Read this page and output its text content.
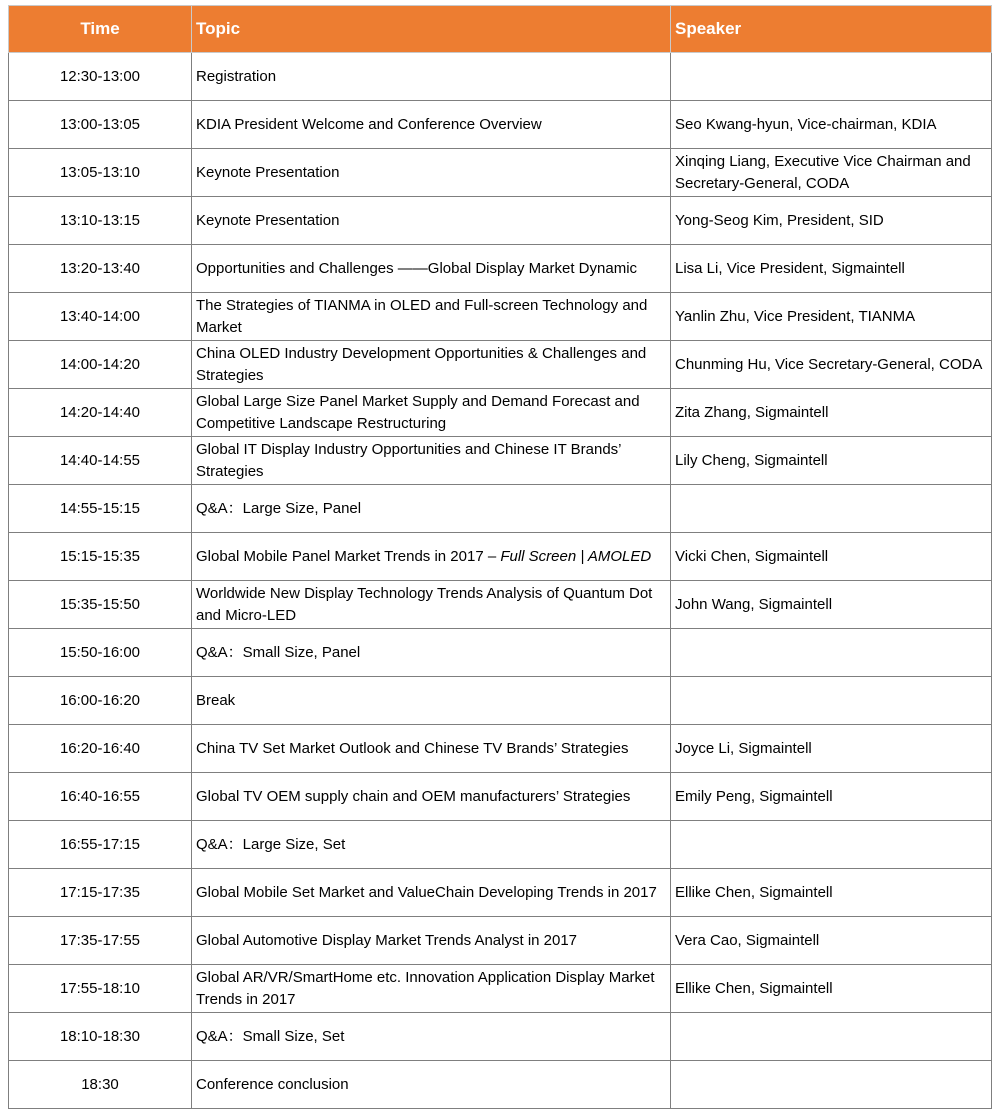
Time	Topic	Speaker
12:30-13:00	Registration	
13:00-13:05	KDIA President Welcome and Conference Overview	Seo Kwang-hyun, Vice-chairman, KDIA
13:05-13:10	Keynote Presentation	Xinqing Liang, Executive Vice Chairman and Secretary-General, CODA
13:10-13:15	Keynote Presentation	Yong-Seog Kim, President, SID
13:20-13:40	Opportunities and Challenges ——Global Display Market Dynamic	Lisa Li, Vice President, Sigmaintell
13:40-14:00	The Strategies of TIANMA in OLED and Full-screen Technology and Market	Yanlin Zhu, Vice President, TIANMA
14:00-14:20	China OLED Industry Development Opportunities & Challenges and Strategies	Chunming Hu, Vice Secretary-General, CODA
14:20-14:40	Global Large Size Panel Market Supply and Demand Forecast and Competitive Landscape Restructuring	Zita Zhang, Sigmaintell
14:40-14:55	Global IT Display Industry Opportunities and Chinese IT Brands’ Strategies	Lily Cheng, Sigmaintell
14:55-15:15	Q&A：Large Size, Panel	
15:15-15:35	Global Mobile Panel Market Trends in 2017 – Full Screen | AMOLED	Vicki Chen, Sigmaintell
15:35-15:50	Worldwide New Display Technology Trends Analysis of Quantum Dot and Micro-LED	John Wang, Sigmaintell
15:50-16:00	Q&A：Small Size, Panel	
16:00-16:20	Break	
16:20-16:40	China TV Set Market Outlook and Chinese TV Brands’ Strategies	Joyce Li, Sigmaintell
16:40-16:55	Global TV OEM supply chain and OEM manufacturers’ Strategies	Emily Peng, Sigmaintell
16:55-17:15	Q&A：Large Size, Set	
17:15-17:35	Global Mobile Set Market and ValueChain Developing Trends in 2017	Ellike Chen, Sigmaintell
17:35-17:55	Global Automotive Display Market Trends Analyst in 2017	Vera Cao, Sigmaintell
17:55-18:10	Global AR/VR/SmartHome etc. Innovation Application Display Market Trends in 2017	Ellike Chen, Sigmaintell
18:10-18:30	Q&A：Small Size, Set	
18:30	Conference conclusion	
